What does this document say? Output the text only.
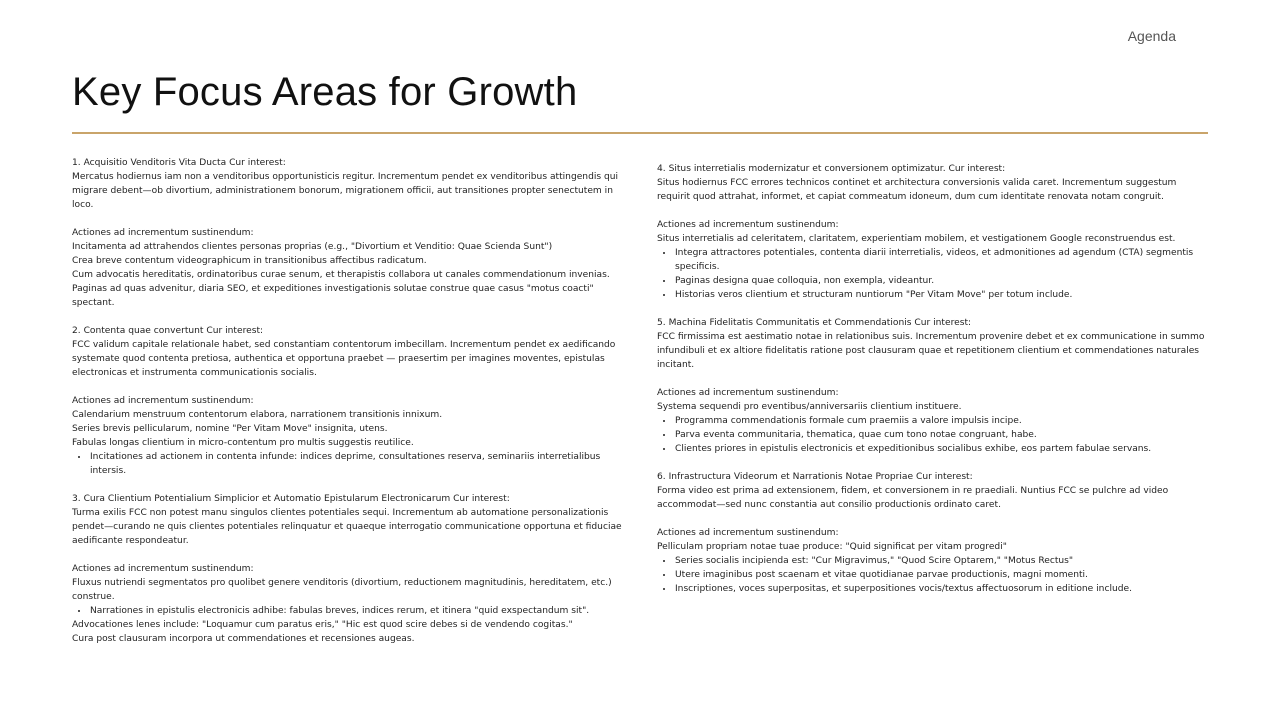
Agenda
Key Focus Areas for Growth

1. Acquisitio Venditoris Vita Ducta Cur interest:

Mercatus hodiernus iam non a venditoribus opportunisticis regitur. Incrementum pendet ex venditoribus attingendis qui migrare debent—ob divortium, administrationem bonorum, migrationem officii, aut transitiones propter senectutem in loco.

Actiones ad incrementum sustinendum:

Incitamenta ad attrahendos clientes personas proprias (e.g., "Divortium et Venditio: Quae Scienda Sunt")
Crea breve contentum videographicum in transitionibus affectibus radicatum.
Cum advocatis hereditatis, ordinatoribus curae senum, et therapistis collabora ut canales commendationum invenias.
Paginas ad quas advenitur, diaria SEO, et expeditiones investigationis solutae construe quae casus "motus coacti" spectant.

2. Contenta quae convertunt Cur interest:

FCC validum capitale relationale habet, sed constantiam contentorum imbecillam. Incrementum pendet ex aedificando systemate quod contenta pretiosa, authentica et opportuna praebet — praesertim per imagines moventes, epistulas electronicas et instrumenta communicationis socialis.

Actiones ad incrementum sustinendum:

Calendarium menstruum contentorum elabora, narrationem transitionis innixum.
Series brevis pellicularum, nomine "Per Vitam Move" insignita, utens.
Fabulas longas clientium in micro-contentum pro multis suggestis reutilice.
• Incitationes ad actionem in contenta infunde: indices deprime, consultationes reserva, seminariis interretialibus intersis.

3. Cura Clientium Potentialium Simplicior et Automatio Epistularum Electronicarum Cur interest:

Turma exilis FCC non potest manu singulos clientes potentiales sequi. Incrementum ab automatione personalizationis pendet—curando ne quis clientes potentiales relinquatur et quaeque interrogatio communicatione opportuna et fiduciae aedificante respondeatur.

Actiones ad incrementum sustinendum:

Fluxus nutriendi segmentatos pro quolibet genere venditoris (divortium, reductionem magnitudinis, hereditatem, etc.) construe.
• Narrationes in epistulis electronicis adhibe: fabulas breves, indices rerum, et itinera "quid exspectandum sit".
Advocationes lenes include: "Loquamur cum paratus eris," "Hic est quod scire debes si de vendendo cogitas."
Cura post clausuram incorpora ut commendationes et recensiones augeas.

4. Situs interretialis modernizatur et conversionem optimizatur. Cur interest:

Situs hodiernus FCC errores technicos continet et architectura conversionis valida caret. Incrementum suggestum requirit quod attrahat, informet, et capiat commeatum idoneum, dum cum identitate renovata notam congruit.

Actiones ad incrementum sustinendum:

Situs interretialis ad celeritatem, claritatem, experientiam mobilem, et vestigationem Google reconstruendus est.
• Integra attractores potentiales, contenta diarii interretialis, videos, et admonitiones ad agendum (CTA) segmentis specificis.
• Paginas designa quae colloquia, non exempla, videantur.
• Historias veros clientium et structuram nuntiorum "Per Vitam Move" per totum include.

5. Machina Fidelitatis Communitatis et Commendationis Cur interest:

FCC firmissima est aestimatio notae in relationibus suis. Incrementum provenire debet et ex communicatione in summo infundibuli et ex altiore fidelitatis ratione post clausuram quae et repetitionem clientium et commendationes naturales incitant.

Actiones ad incrementum sustinendum:

Systema sequendi pro eventibus/anniversariis clientium instituere.
• Programma commendationis formale cum praemiis a valore impulsis incipe.
• Parva eventa communitaria, thematica, quae cum tono notae congruant, habe.
• Clientes priores in epistulis electronicis et expeditionibus socialibus exhibe, eos partem fabulae servans.

6. Infrastructura Videorum et Narrationis Notae Propriae Cur interest:

Forma video est prima ad extensionem, fidem, et conversionem in re praediali. Nuntius FCC se pulchre ad video accommodat—sed nunc constantia aut consilio productionis ordinato caret.

Actiones ad incrementum sustinendum:

Pelliculam propriam notae tuae produce: "Quid significat per vitam progredi"
• Series socialis incipienda est: "Cur Migravimus," "Quod Scire Optarem," "Motus Rectus"
• Utere imaginibus post scaenam et vitae quotidianae parvae productionis, magni momenti.
• Inscriptiones, voces superpositas, et superpositiones vocis/textus affectuosorum in editione include.
